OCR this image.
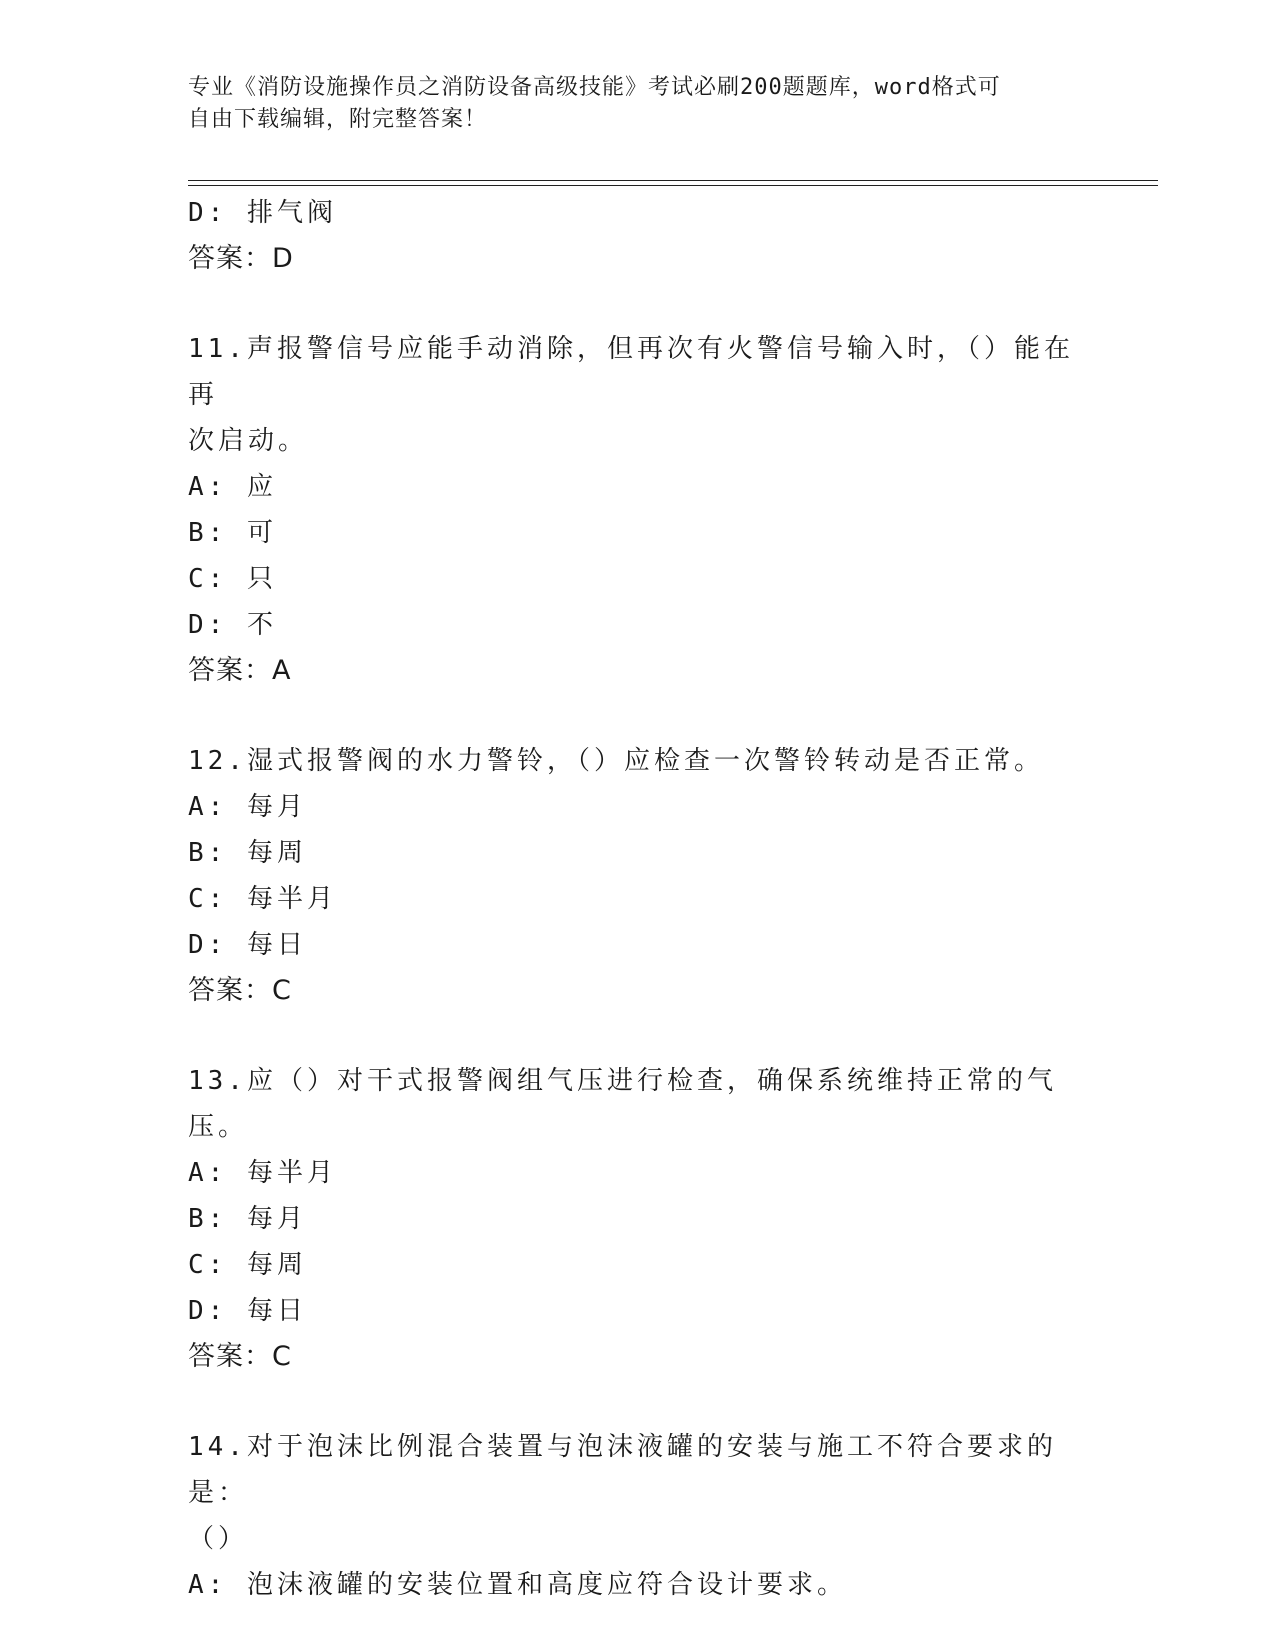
专业《消防设施操作员之消防设备高级技能》考试必刷200题题库，word格式可
自由下载编辑，附完整答案！
D: 排气阀
答案：D
11.声报警信号应能手动消除，但再次有火警信号输入时，（）能在再
次启动。
A: 应
B: 可
C: 只
D: 不
答案：A
12.湿式报警阀的水力警铃，（）应检查一次警铃转动是否正常。
A: 每月
B: 每周
C: 每半月
D: 每日
答案：C
13.应（）对干式报警阀组气压进行检查，确保系统维持正常的气压。
A: 每半月
B: 每月
C: 每周
D: 每日
答案：C
14.对于泡沫比例混合装置与泡沫液罐的安装与施工不符合要求的是：
（）
A: 泡沫液罐的安装位置和高度应符合设计要求。
